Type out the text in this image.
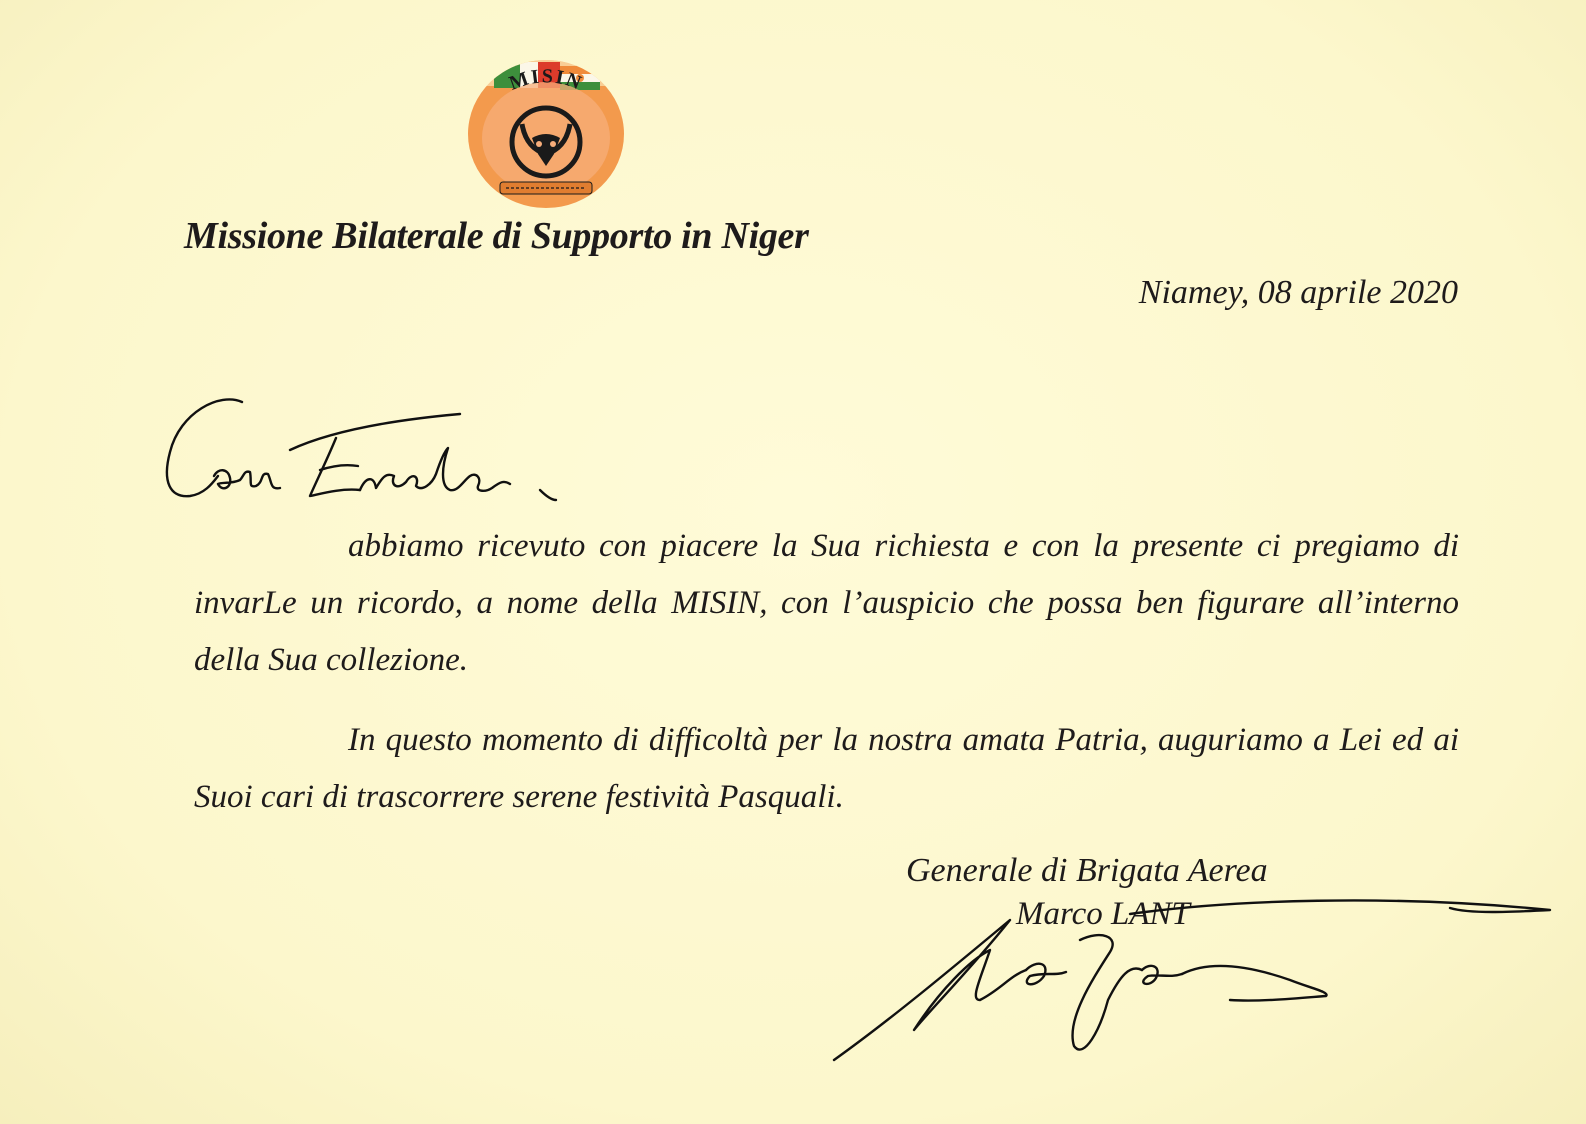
MISIN
Missione Bilaterale di Supporto in Niger
Niamey, 08 aprile 2020

abbiamo ricevuto con piacere la Sua richiesta e con la presente ci pregiamo di invarLe un ricordo, a nome della MISIN, con l’auspicio che possa ben figurare all’interno della Sua collezione.

In questo momento di difficoltà per la nostra amata Patria, auguriamo a Lei ed ai Suoi cari di trascorrere serene festività Pasquali.

Generale di Brigata Aerea
Marco LANT
